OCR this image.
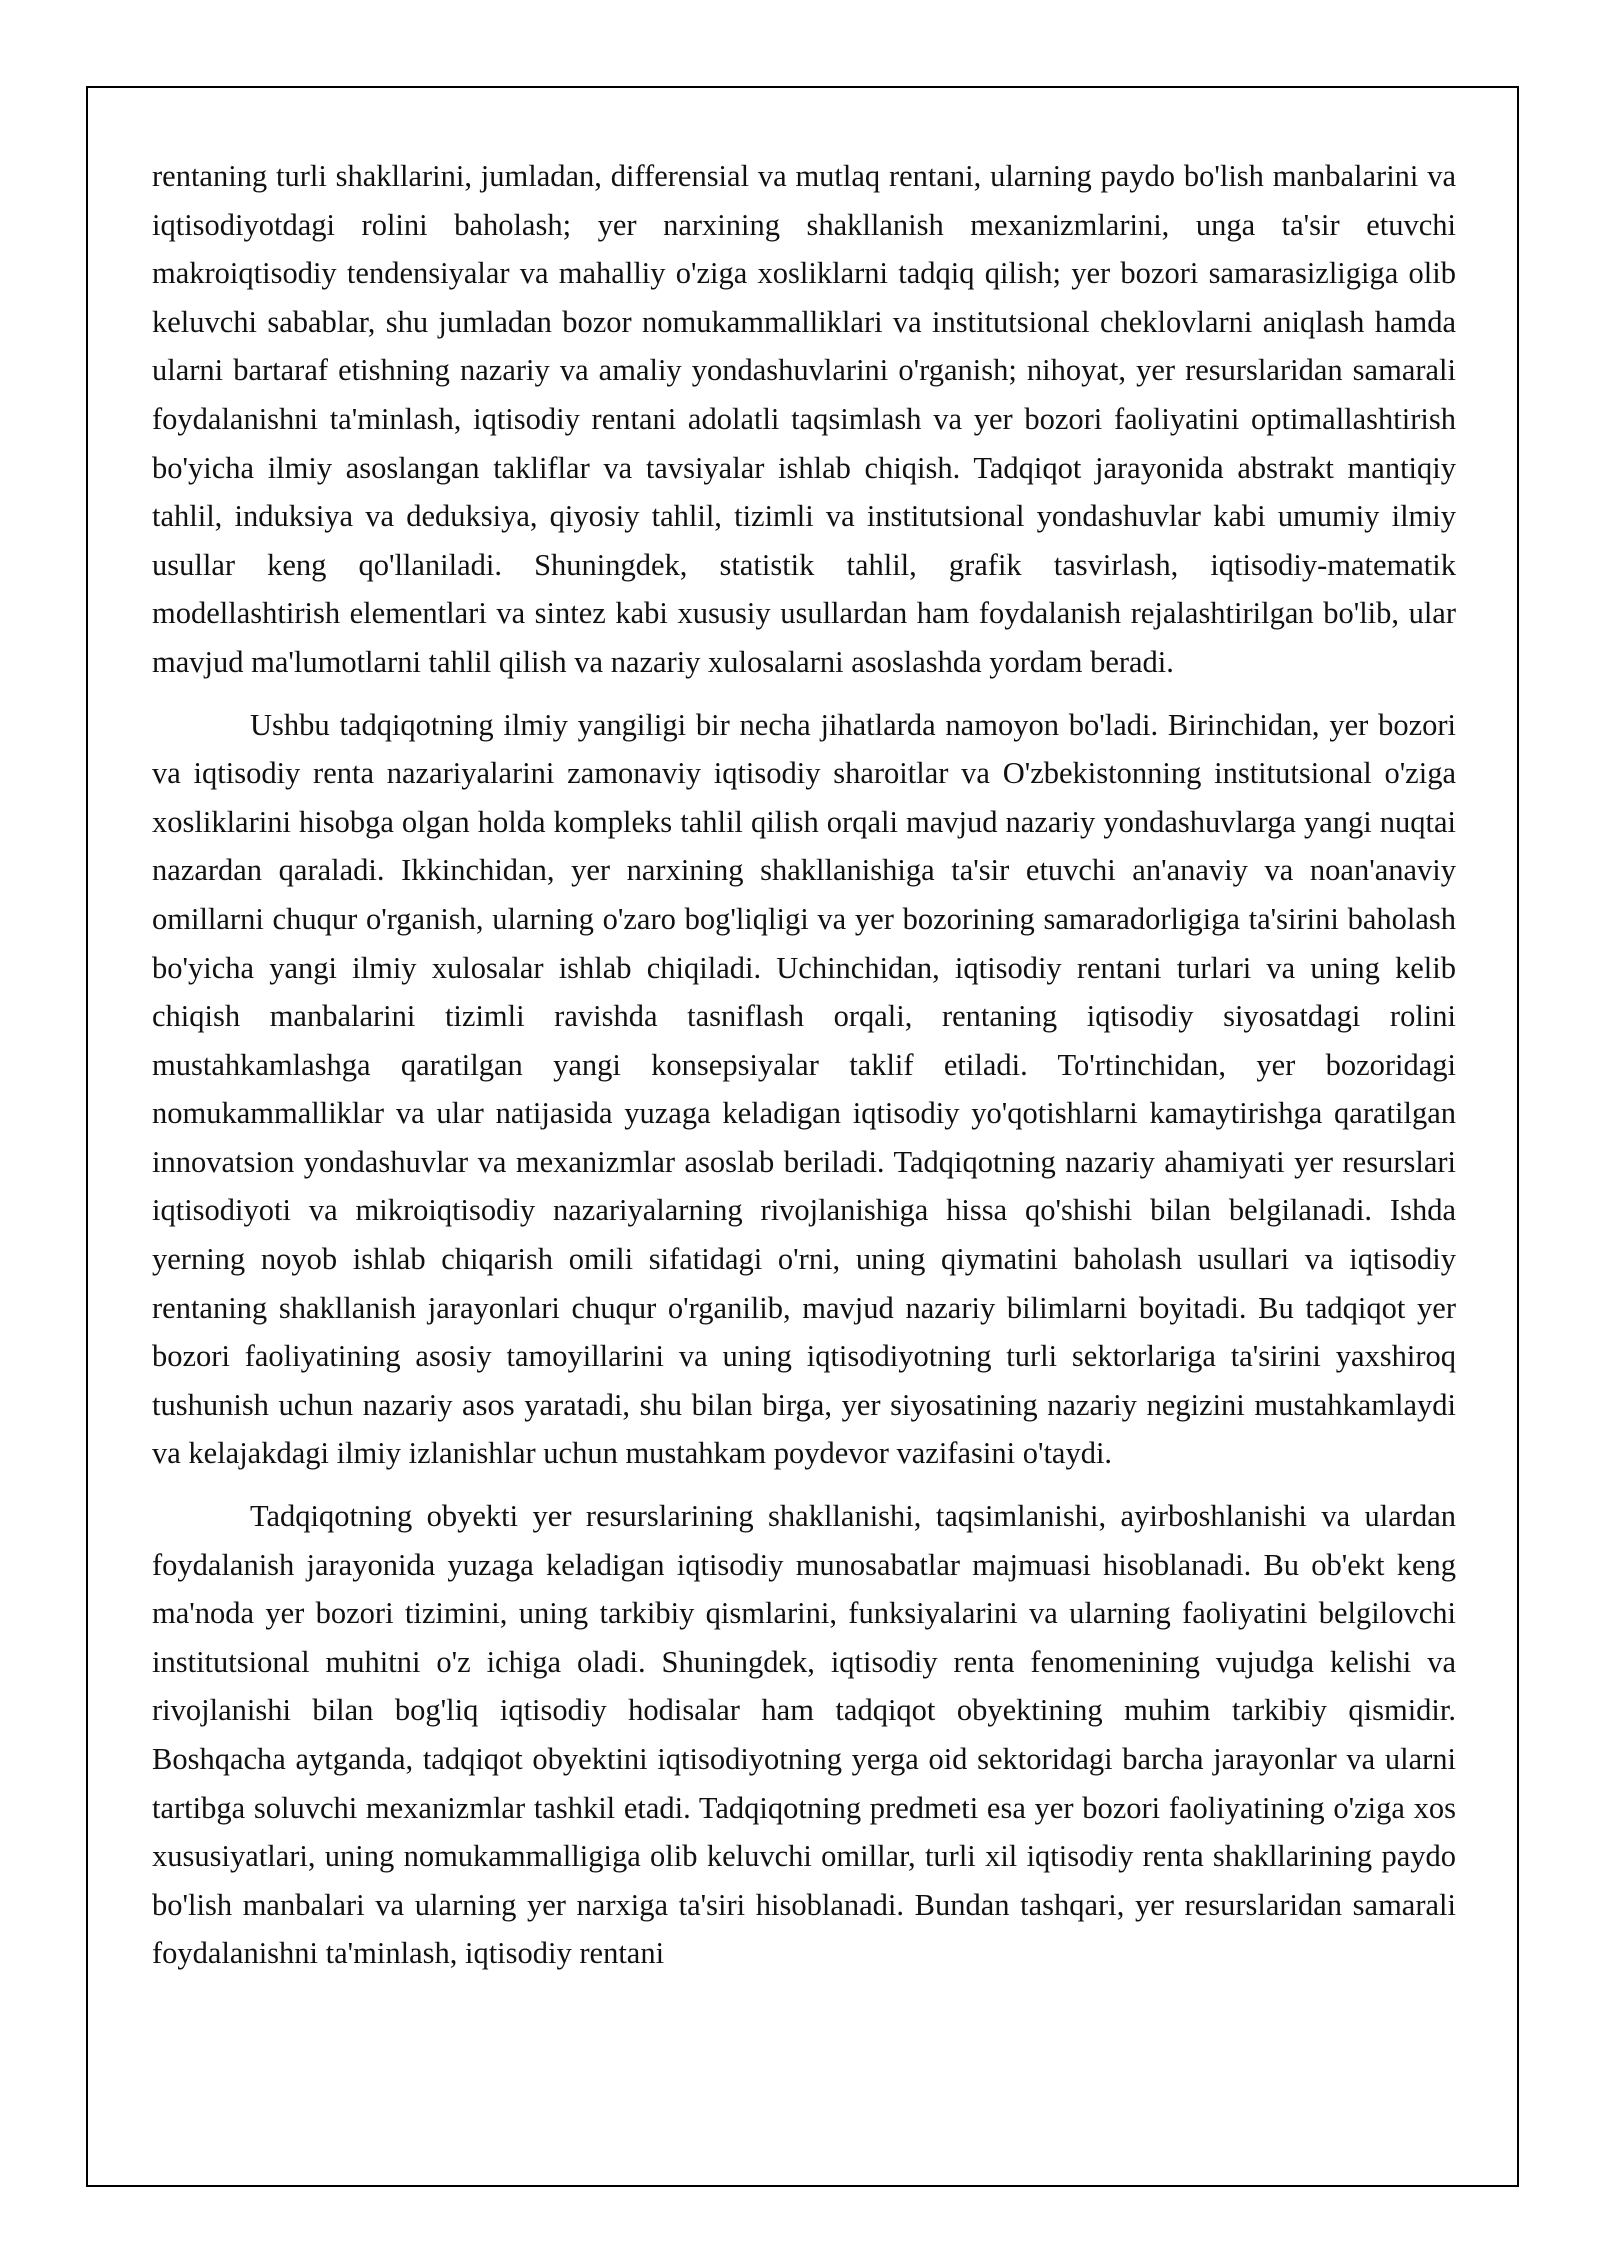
rentaning turli shakllarini, jumladan, differensial va mutlaq rentani, ularning paydo bo'lish manbalarini va iqtisodiyotdagi rolini baholash; yer narxining shakllanish mexanizmlarini, unga ta'sir etuvchi makroiqtisodiy tendensiyalar va mahalliy o'ziga xosliklarni tadqiq qilish; yer bozori samarasizligiga olib keluvchi sabablar, shu jumladan bozor nomukammalliklari va institutsional cheklovlarni aniqlash hamda ularni bartaraf etishning nazariy va amaliy yondashuvlarini o'rganish; nihoyat, yer resurslaridan samarali foydalanishni ta'minlash, iqtisodiy rentani adolatli taqsimlash va yer bozori faoliyatini optimallashtirish bo'yicha ilmiy asoslangan takliflar va tavsiyalar ishlab chiqish. Tadqiqot jarayonida abstrakt mantiqiy tahlil, induksiya va deduksiya, qiyosiy tahlil, tizimli va institutsional yondashuvlar kabi umumiy ilmiy usullar keng qo'llaniladi. Shuningdek, statistik tahlil, grafik tasvirlash, iqtisodiy-matematik modellashtirish elementlari va sintez kabi xususiy usullardan ham foydalanish rejalashtirilgan bo'lib, ular mavjud ma'lumotlarni tahlil qilish va nazariy xulosalarni asoslashda yordam beradi.

Ushbu tadqiqotning ilmiy yangiligi bir necha jihatlarda namoyon bo'ladi. Birinchidan, yer bozori va iqtisodiy renta nazariyalarini zamonaviy iqtisodiy sharoitlar va O'zbekistonning institutsional o'ziga xosliklarini hisobga olgan holda kompleks tahlil qilish orqali mavjud nazariy yondashuvlarga yangi nuqtai nazardan qaraladi. Ikkinchidan, yer narxining shakllanishiga ta'sir etuvchi an'anaviy va noan'anaviy omillarni chuqur o'rganish, ularning o'zaro bog'liqligi va yer bozorining samaradorligiga ta'sirini baholash bo'yicha yangi ilmiy xulosalar ishlab chiqiladi. Uchinchidan, iqtisodiy rentani turlari va uning kelib chiqish manbalarini tizimli ravishda tasniflash orqali, rentaning iqtisodiy siyosatdagi rolini mustahkamlashga qaratilgan yangi konsepsiyalar taklif etiladi. To'rtinchidan, yer bozoridagi nomukammalliklar va ular natijasida yuzaga keladigan iqtisodiy yo'qotishlarni kamaytirishga qaratilgan innovatsion yondashuvlar va mexanizmlar asoslab beriladi. Tadqiqotning nazariy ahamiyati yer resurslari iqtisodiyoti va mikroiqtisodiy nazariyalarning rivojlanishiga hissa qo'shishi bilan belgilanadi. Ishda yerning noyob ishlab chiqarish omili sifatidagi o'rni, uning qiymatini baholash usullari va iqtisodiy rentaning shakllanish jarayonlari chuqur o'rganilib, mavjud nazariy bilimlarni boyitadi. Bu tadqiqot yer bozori faoliyatining asosiy tamoyillarini va uning iqtisodiyotning turli sektorlariga ta'sirini yaxshiroq tushunish uchun nazariy asos yaratadi, shu bilan birga, yer siyosatining nazariy negizini mustahkamlaydi va kelajakdagi ilmiy izlanishlar uchun mustahkam poydevor vazifasini o'taydi.

Tadqiqotning obyekti yer resurslarining shakllanishi, taqsimlanishi, ayirboshlanishi va ulardan foydalanish jarayonida yuzaga keladigan iqtisodiy munosabatlar majmuasi hisoblanadi. Bu ob'ekt keng ma'noda yer bozori tizimini, uning tarkibiy qismlarini, funksiyalarini va ularning faoliyatini belgilovchi institutsional muhitni o'z ichiga oladi. Shuningdek, iqtisodiy renta fenomenining vujudga kelishi va rivojlanishi bilan bog'liq iqtisodiy hodisalar ham tadqiqot obyektining muhim tarkibiy qismidir. Boshqacha aytganda, tadqiqot obyektini iqtisodiyotning yerga oid sektoridagi barcha jarayonlar va ularni tartibga soluvchi mexanizmlar tashkil etadi. Tadqiqotning predmeti esa yer bozori faoliyatining o'ziga xos xususiyatlari, uning nomukammalligiga olib keluvchi omillar, turli xil iqtisodiy renta shakllarining paydo bo'lish manbalari va ularning yer narxiga ta'siri hisoblanadi. Bundan tashqari, yer resurslaridan samarali foydalanishni ta'minlash, iqtisodiy rentani
